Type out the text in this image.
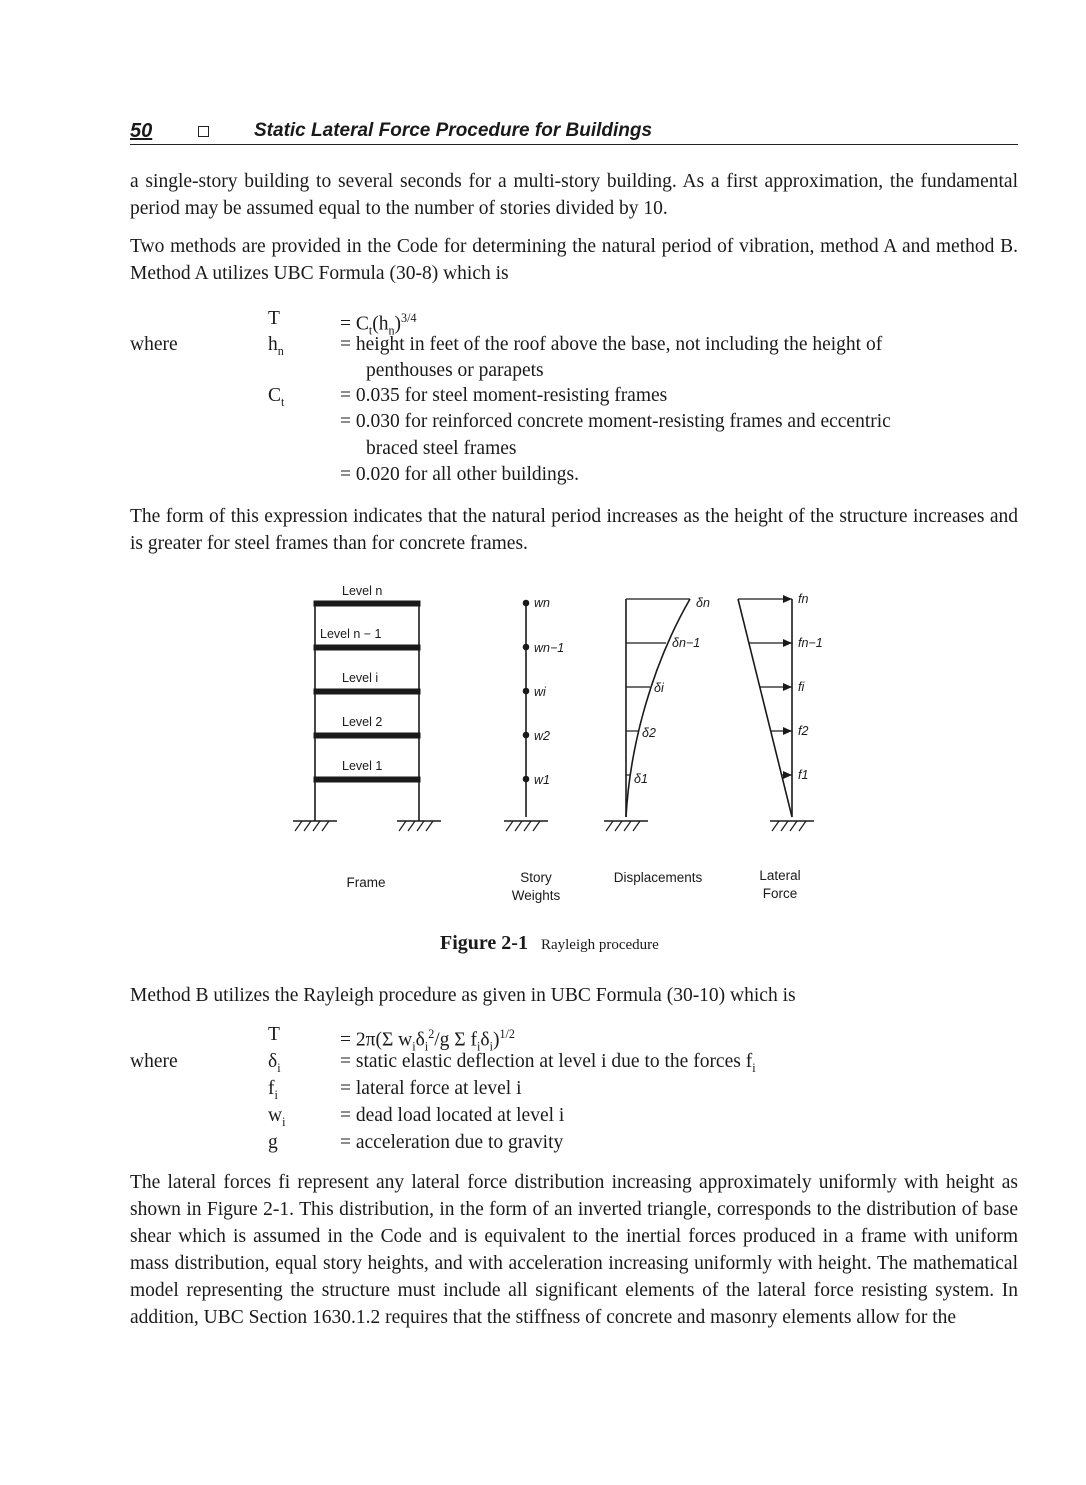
50	Static Lateral Force Procedure for Buildings
a single-story building to several seconds for a multi-story building. As a first approximation, the fundamental period may be assumed equal to the number of stories divided by 10.
Two methods are provided in the Code for determining the natural period of vibration, method A and method B. Method A utilizes UBC Formula (30-8) which is
T	= $C_t(h_n)^{3/4}$
where	$h_n$	= height in feet of the roof above the base, not including the height of
penthouses or parapets
$C_t$	= 0.035 for steel moment-resisting frames
= 0.030 for reinforced concrete moment-resisting frames and eccentric
braced steel frames
= 0.020 for all other buildings.
The form of this expression indicates that the natural period increases as the height of the structure increases and is greater for steel frames than for concrete frames.
Level n
Level n − 1
Level i
Level 2
Level 1
wn
wn−1
wi
w2
w1
δn
δn−1
δi
δ2
δ1
fn
fn−1
fi
f2
f1
Frame	Story
Weights
Displacements	Lateral
Force
Figure 2-1 Rayleigh procedure
Method B utilizes the Rayleigh procedure as given in UBC Formula (30-10) which is
T	= 2π(Σ $w_i\delta_i^2/g$ Σ $f_i\delta_i)^{1/2}$
where	$\delta_i$	= static elastic deflection at level i due to the forces $f_i$
$f_i$	= lateral force at level i
$w_i$	= dead load located at level i
g	= acceleration due to gravity
The lateral forces fi represent any lateral force distribution increasing approximately uniformly with height as shown in Figure 2-1. This distribution, in the form of an inverted triangle, corresponds to the distribution of base shear which is assumed in the Code and is equivalent to the inertial forces produced in a frame with uniform mass distribution, equal story heights, and with acceleration increasing uniformly with height. The mathematical model representing the structure must include all significant elements of the lateral force resisting system. In addition, UBC Section 1630.1.2 requires that the stiffness of concrete and masonry elements allow for the
